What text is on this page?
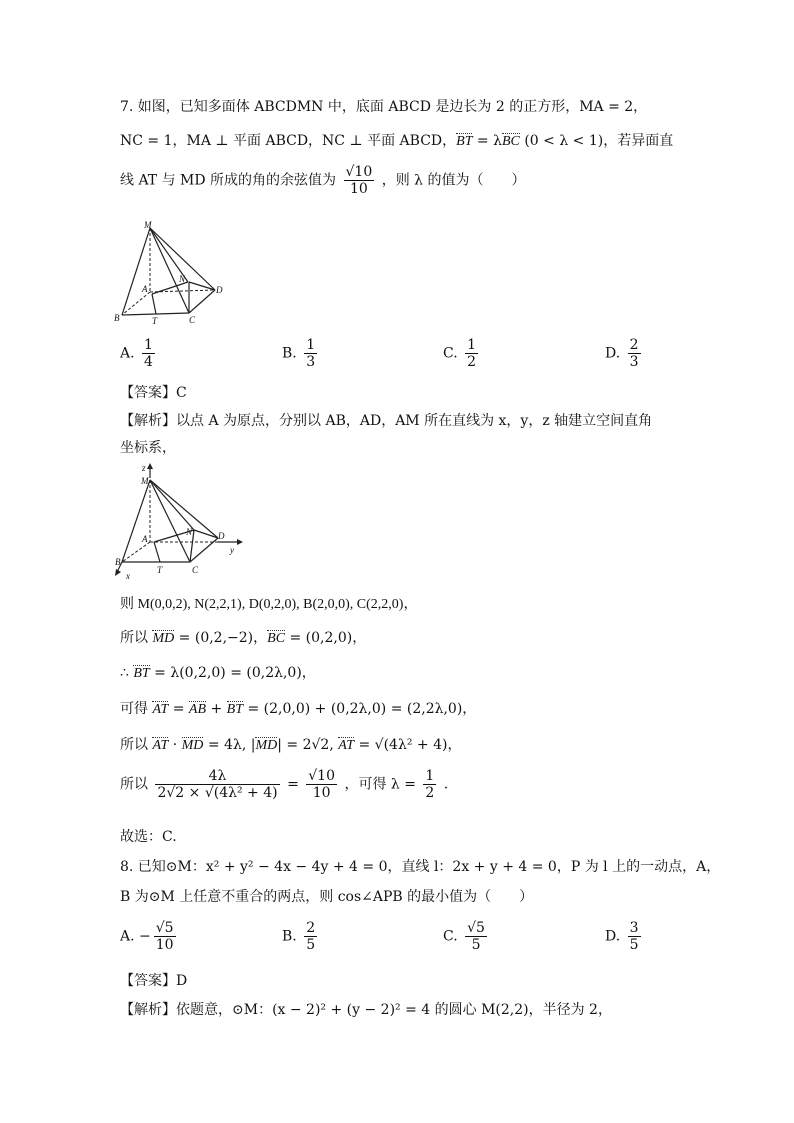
7. 如图，已知多面体 ABCDMN 中，底面 ABCD 是边长为 2 的正方形，MA = 2，
NC = 1，MA ⊥ 平面 ABCD，NC ⊥ 平面 ABCD，BT = λBC (0 < λ < 1)，若异面直
线 AT 与 MD 所成的角的余弦值为 $\frac{√10}{10}$ ，则 λ 的值为（　　）
M
N
A
B	T	C
D
A. $\frac{1}{4}$	B. $\frac{1}{3}$	C. $\frac{1}{2}$	D. $\frac{2}{3}$
【答案】C
【解析】以点 A 为原点，分别以 AB，AD，AM 所在直线为 x，y，z 轴建立空间直角
坐标系，
z
M
N
A
B
T	C
D
x
y
则 M(0,0,2), N(2,2,1), D(0,2,0), B(2,0,0), C(2,2,0)，
所以 MD = (0,2,−2)，BC = (0,2,0)，
∴ BT = λ(0,2,0) = (0,2λ,0)，
可得 AT = AB + BT = (2,0,0) + (0,2λ,0) = (2,2λ,0)，
所以 AT · MD = 4λ, |MD| = 2√2, AT = √(4λ² + 4)，
所以 $\frac{4\lambda}{\text{2√2 × √(4λ² + 4)}} = \frac{√10}{10}$ ，可得 $\lambda = \frac{1}{2}$ .
故选：C.
8. 已知⊙M：x² + y² − 4x − 4y + 4 = 0，直线 l：2x + y + 4 = 0，P 为 l 上的一动点，A，
B 为⊙M 上任意不重合的两点，则 cos∠APB 的最小值为（　　）
A. − $\frac{√5}{10}$	B. $\frac{2}{5}$	C. $\frac{√5}{5}$	D. $\frac{3}{5}$
【答案】D
【解析】依题意，⊙M：(x − 2)² + (y − 2)² = 4 的圆心 M(2,2)，半径为 2，
